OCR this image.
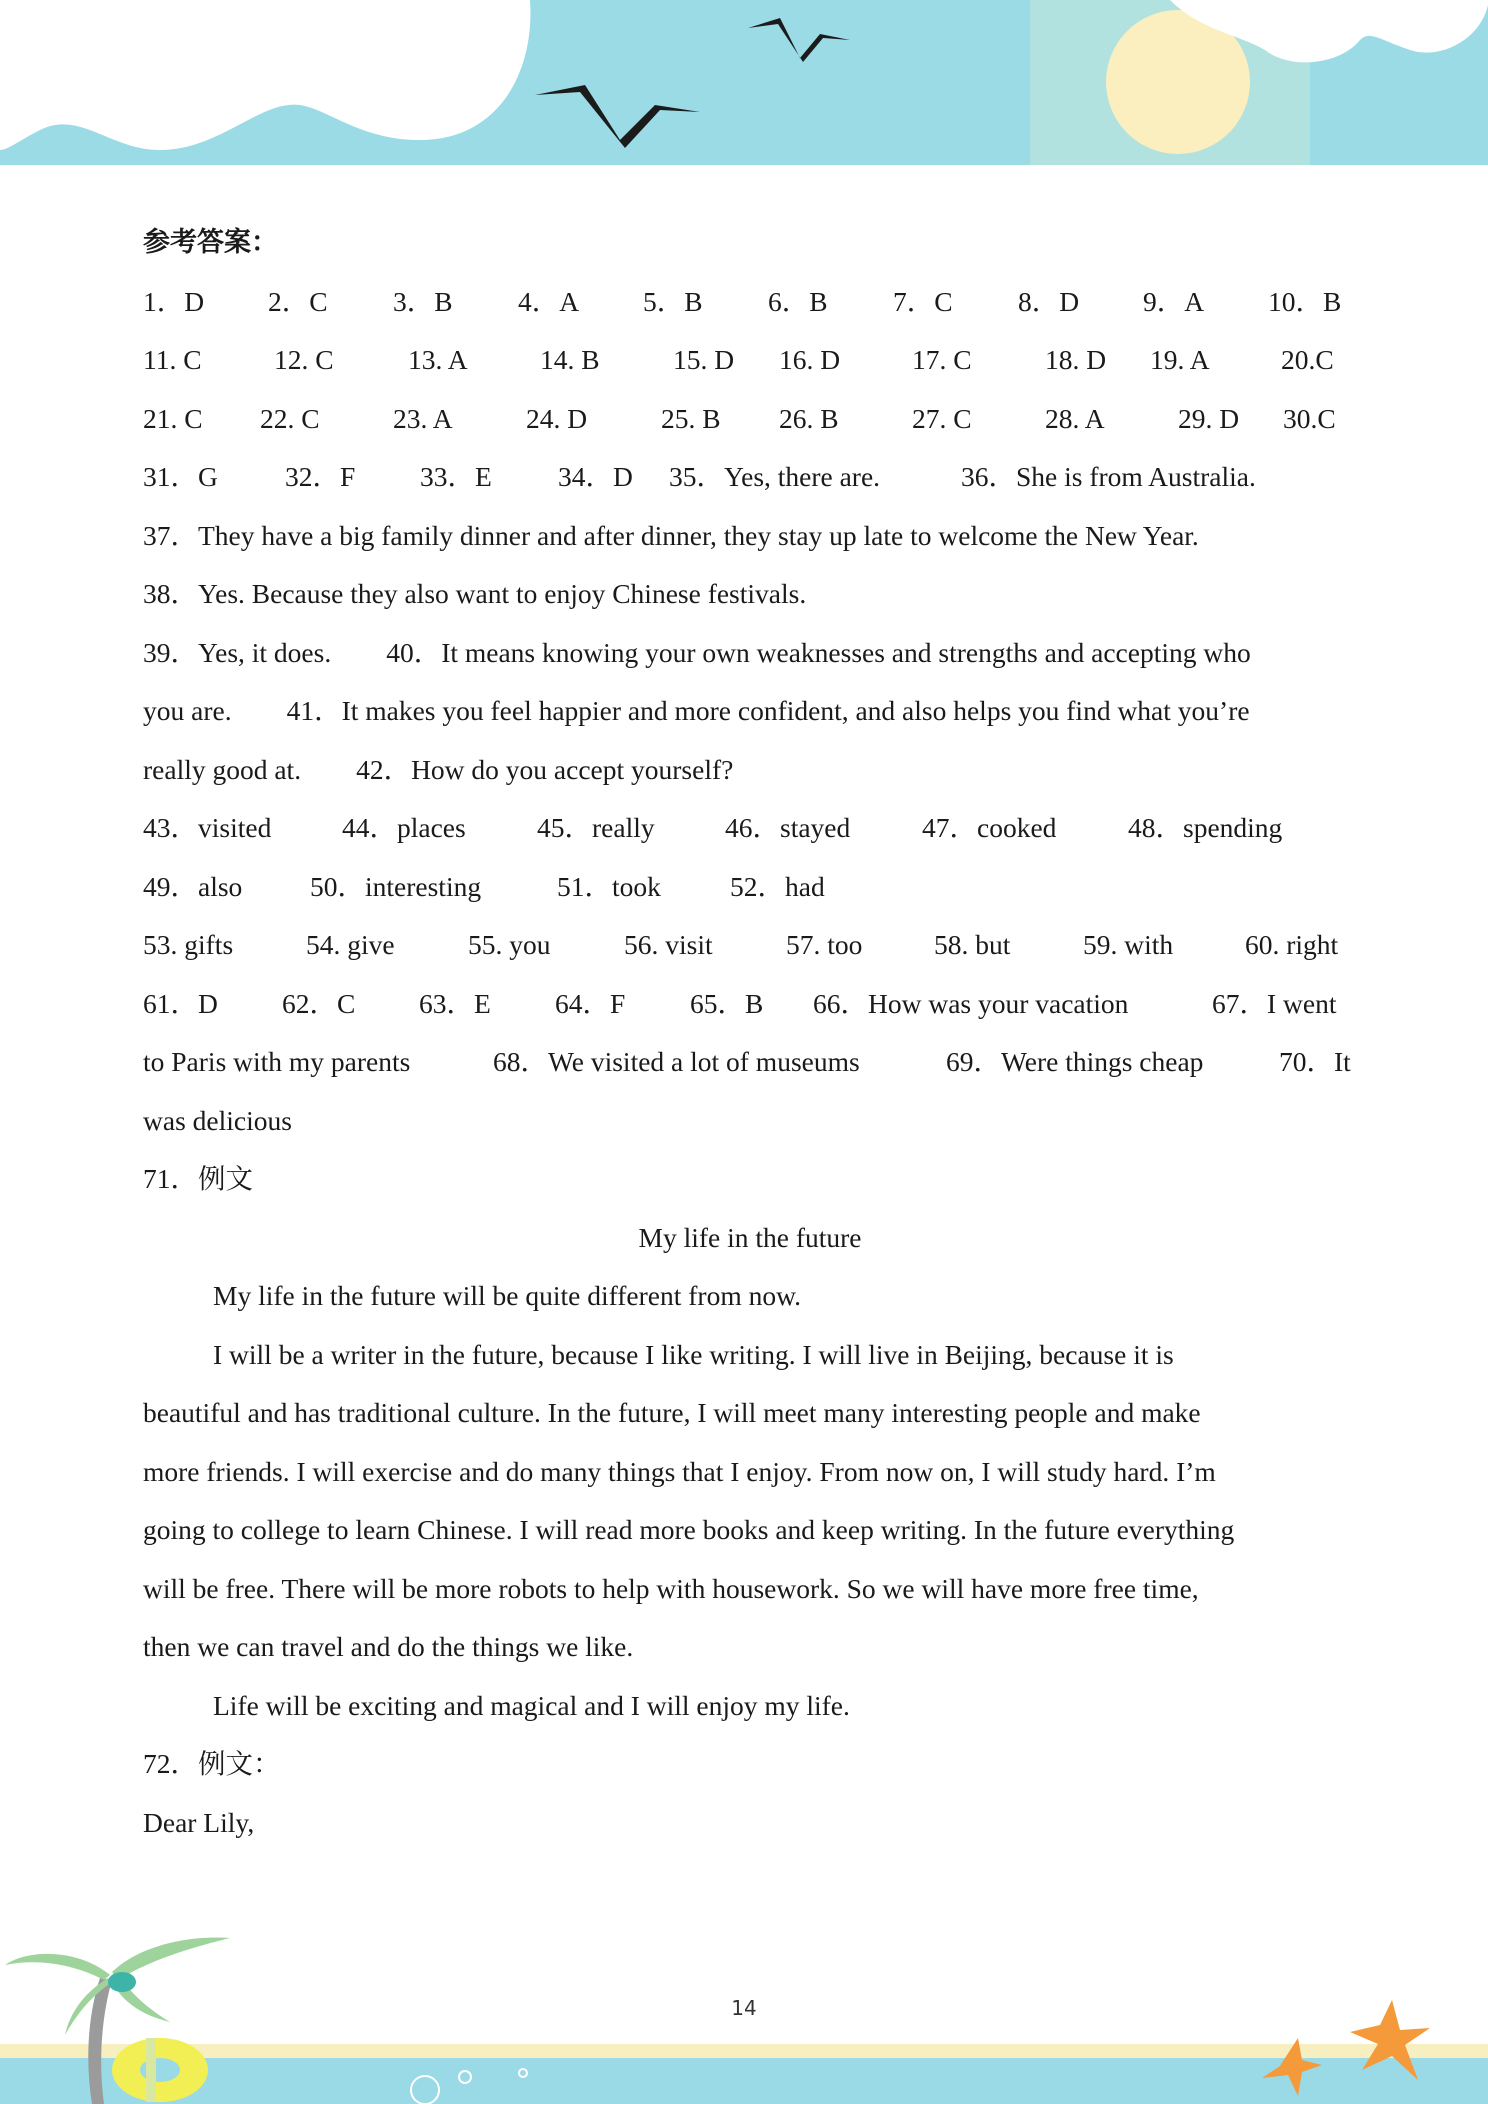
参考答案：
1．D 2．C 3．B 4．A 5．B 6．B 7．C 8．D 9．A 10．B
11. C	12. C	13. A	14. B	15. D 16. D	17. C	18. D 19. A	20.C
21. C 22. C	23. A	24. D	25. B 26. B	27. C	28. A	29. D 30.C
31．G 32．F 33．E 34．D 35．Yes, there are.	36．She is from Australia.
37．They have a big family dinner and after dinner, they stay up late to welcome the New Year.
38．Yes. Because they also want to enjoy Chinese festivals.
39．Yes, it does.        40．It means knowing your own weaknesses and strengths and accepting who
you are.        41．It makes you feel happier and more confident, and also helps you find what you’re
really good at.        42．How do you accept yourself?
43．visited	44．places	45．really	46．stayed	47．cooked	48．spending
49．also 50．interesting	51．took	52．had
53. gifts	54. give	55. you	56. visit	57. too	58. but	59. with	60. right
61．D 62．C 63．E 64．F 65．B 66．How was your vacation	67．I went
to Paris with my parents	68．We visited a lot of museums	69．Were things cheap	70．It
was delicious
71．例文
My life in the future
My life in the future will be quite different from now.
I will be a writer in the future, because I like writing. I will live in Beijing, because it is
beautiful and has traditional culture. In the future, I will meet many interesting people and make
more friends. I will exercise and do many things that I enjoy. From now on, I will study hard. I’m
going to college to learn Chinese. I will read more books and keep writing. In the future everything
will be free. There will be more robots to help with housework. So we will have more free time,
then we can travel and do the things we like.
Life will be exciting and magical and I will enjoy my life.
72．例文：
Dear Lily,
14
